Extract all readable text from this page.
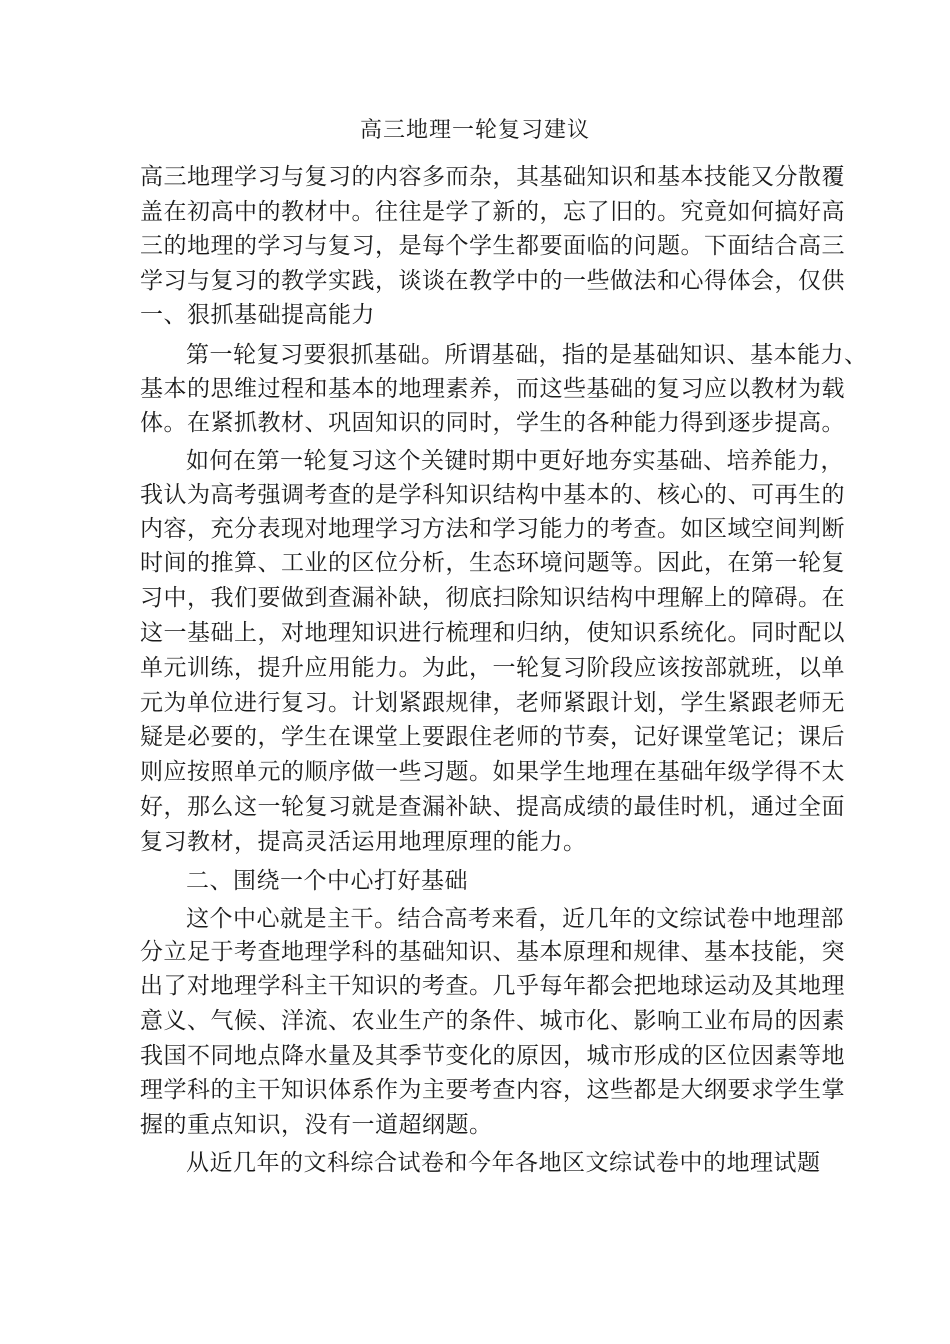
高三地理一轮复习建议
高三地理学习与复习的内容多而杂，其基础知识和基本技能又分散覆
盖在初高中的教材中。往往是学了新的，忘了旧的。究竟如何搞好高
三的地理的学习与复习，是每个学生都要面临的问题。下面结合高三
学习与复习的教学实践，谈谈在教学中的一些做法和心得体会，仅供
一、狠抓基础提高能力
第一轮复习要狠抓基础。所谓基础，指的是基础知识、基本能力、
基本的思维过程和基本的地理素养，而这些基础的复习应以教材为载
体。在紧抓教材、巩固知识的同时，学生的各种能力得到逐步提高。
如何在第一轮复习这个关键时期中更好地夯实基础、培养能力，
我认为高考强调考查的是学科知识结构中基本的、核心的、可再生的
内容，充分表现对地理学习方法和学习能力的考查。如区域空间判断
时间的推算、工业的区位分析，生态环境问题等。因此，在第一轮复
习中，我们要做到查漏补缺，彻底扫除知识结构中理解上的障碍。在
这一基础上，对地理知识进行梳理和归纳，使知识系统化。同时配以
单元训练，提升应用能力。为此，一轮复习阶段应该按部就班，以单
元为单位进行复习。计划紧跟规律，老师紧跟计划，学生紧跟老师无
疑是必要的，学生在课堂上要跟住老师的节奏，记好课堂笔记；课后
则应按照单元的顺序做一些习题。如果学生地理在基础年级学得不太
好，那么这一轮复习就是查漏补缺、提高成绩的最佳时机，通过全面
复习教材，提高灵活运用地理原理的能力。
二、围绕一个中心打好基础
这个中心就是主干。结合高考来看，近几年的文综试卷中地理部
分立足于考查地理学科的基础知识、基本原理和规律、基本技能，突
出了对地理学科主干知识的考查。几乎每年都会把地球运动及其地理
意义、气候、洋流、农业生产的条件、城市化、影响工业布局的因素
我国不同地点降水量及其季节变化的原因，城市形成的区位因素等地
理学科的主干知识体系作为主要考查内容，这些都是大纲要求学生掌
握的重点知识，没有一道超纲题。
从近几年的文科综合试卷和今年各地区文综试卷中的地理试题
